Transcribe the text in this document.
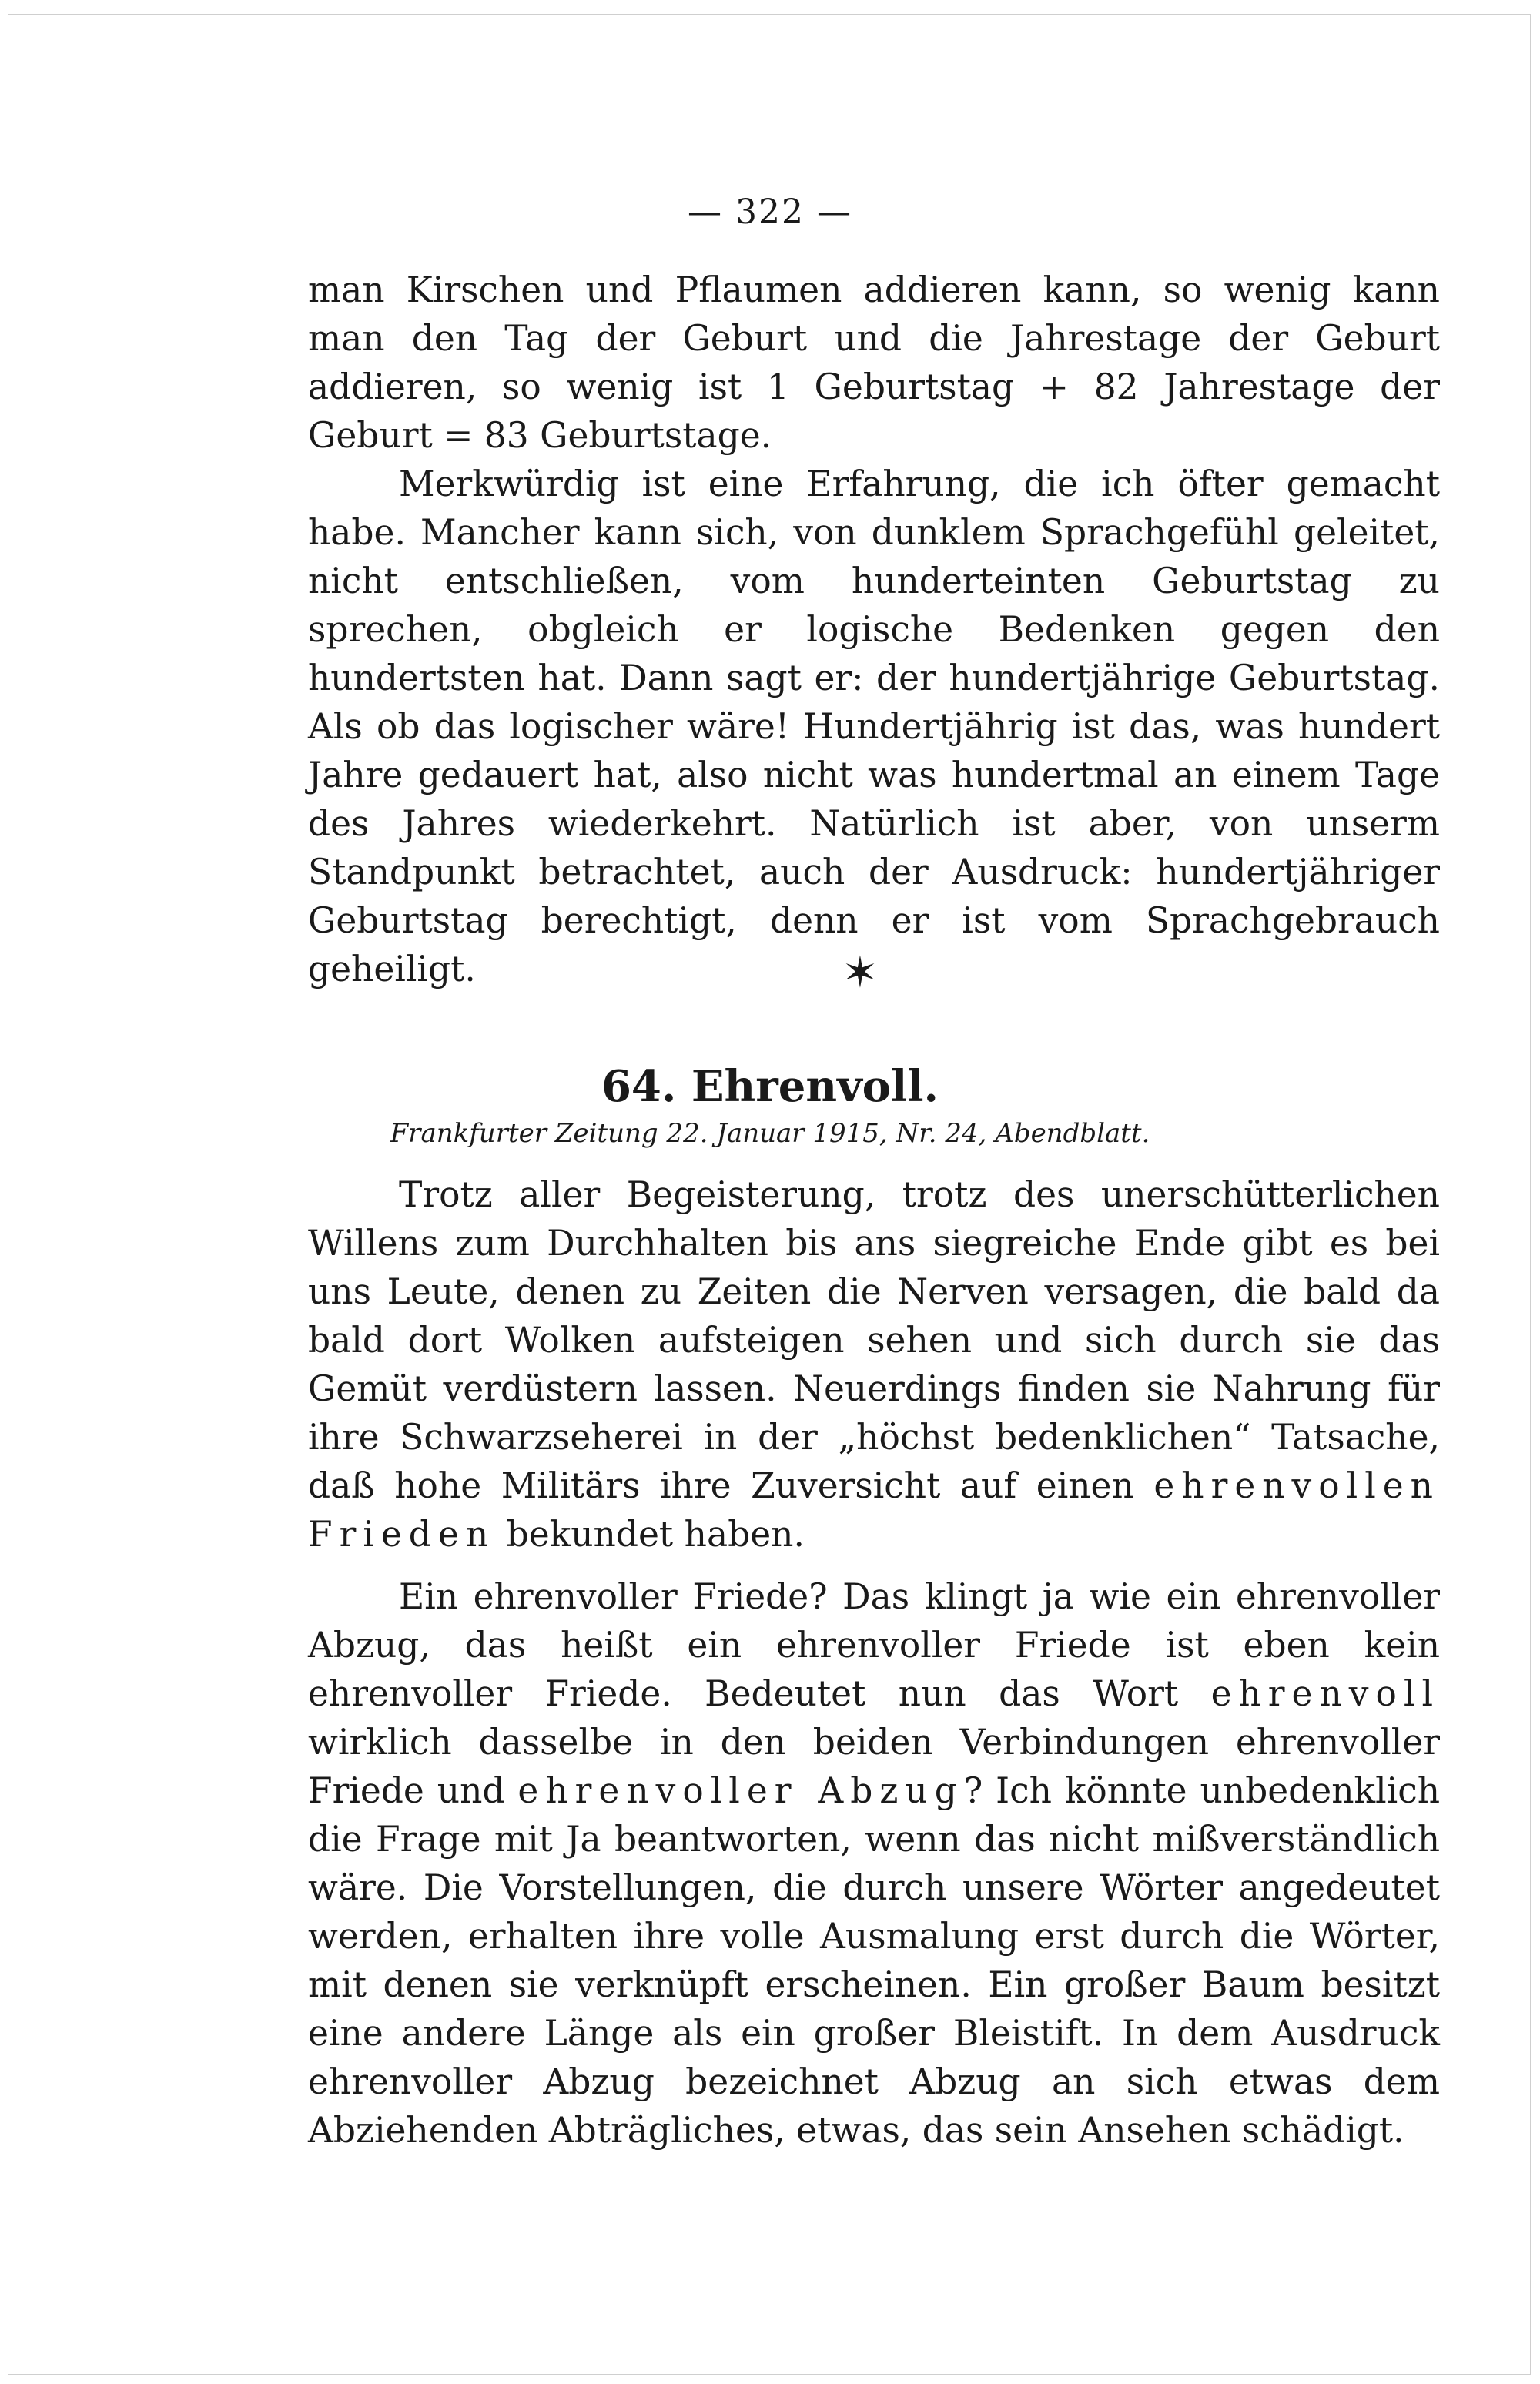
— 322 —

man Kirschen und Pflaumen addieren kann, so wenig kann man den Tag der Geburt und die Jahrestage der Geburt addieren, so wenig ist 1 Geburtstag + 82 Jahrestage der Geburt = 83 Geburtstage.

Merkwürdig ist eine Erfahrung, die ich öfter gemacht habe. Mancher kann sich, von dunklem Sprachgefühl geleitet, nicht entschließen, vom hunderteinten Geburtstag zu sprechen, obgleich er logische Bedenken gegen den hundertsten hat. Dann sagt er: der hundertjährige Geburtstag. Als ob das logischer wäre! Hundertjährig ist das, was hundert Jahre gedauert hat, also nicht was hundertmal an einem Tage des Jahres wiederkehrt. Natürlich ist aber, von unserm Standpunkt betrachtet, auch der Ausdruck: hundertjähriger Geburtstag berechtigt, denn er ist vom Sprachgebrauch geheiligt.	✶
64. Ehrenvoll.
Frankfurter Zeitung 22. Januar 1915, Nr. 24, Abendblatt.

Trotz aller Begeisterung, trotz des unerschütterlichen Willens zum Durchhalten bis ans siegreiche Ende gibt es bei uns Leute, denen zu Zeiten die Nerven versagen, die bald da bald dort Wolken aufsteigen sehen und sich durch sie das Gemüt verdüstern lassen. Neuerdings finden sie Nahrung für ihre Schwarzseherei in der „höchst bedenklichen“ Tatsache, daß hohe Militärs ihre Zuversicht auf einen ehrenvollen Frieden bekundet haben.

Ein ehrenvoller Friede? Das klingt ja wie ein ehrenvoller Abzug, das heißt ein ehrenvoller Friede ist eben kein ehrenvoller Friede. Bedeutet nun das Wort ehrenvoll wirklich dasselbe in den beiden Verbindungen ehrenvoller Friede und ehrenvoller Abzug? Ich könnte unbedenklich die Frage mit Ja beantworten, wenn das nicht mißverständlich wäre. Die Vorstellungen, die durch unsere Wörter angedeutet werden, erhalten ihre volle Ausmalung erst durch die Wörter, mit denen sie verknüpft erscheinen. Ein großer Baum besitzt eine andere Länge als ein großer Bleistift. In dem Ausdruck ehrenvoller Abzug bezeichnet Abzug an sich etwas dem Abziehenden Abträgliches, etwas, das sein Ansehen schädigt.
